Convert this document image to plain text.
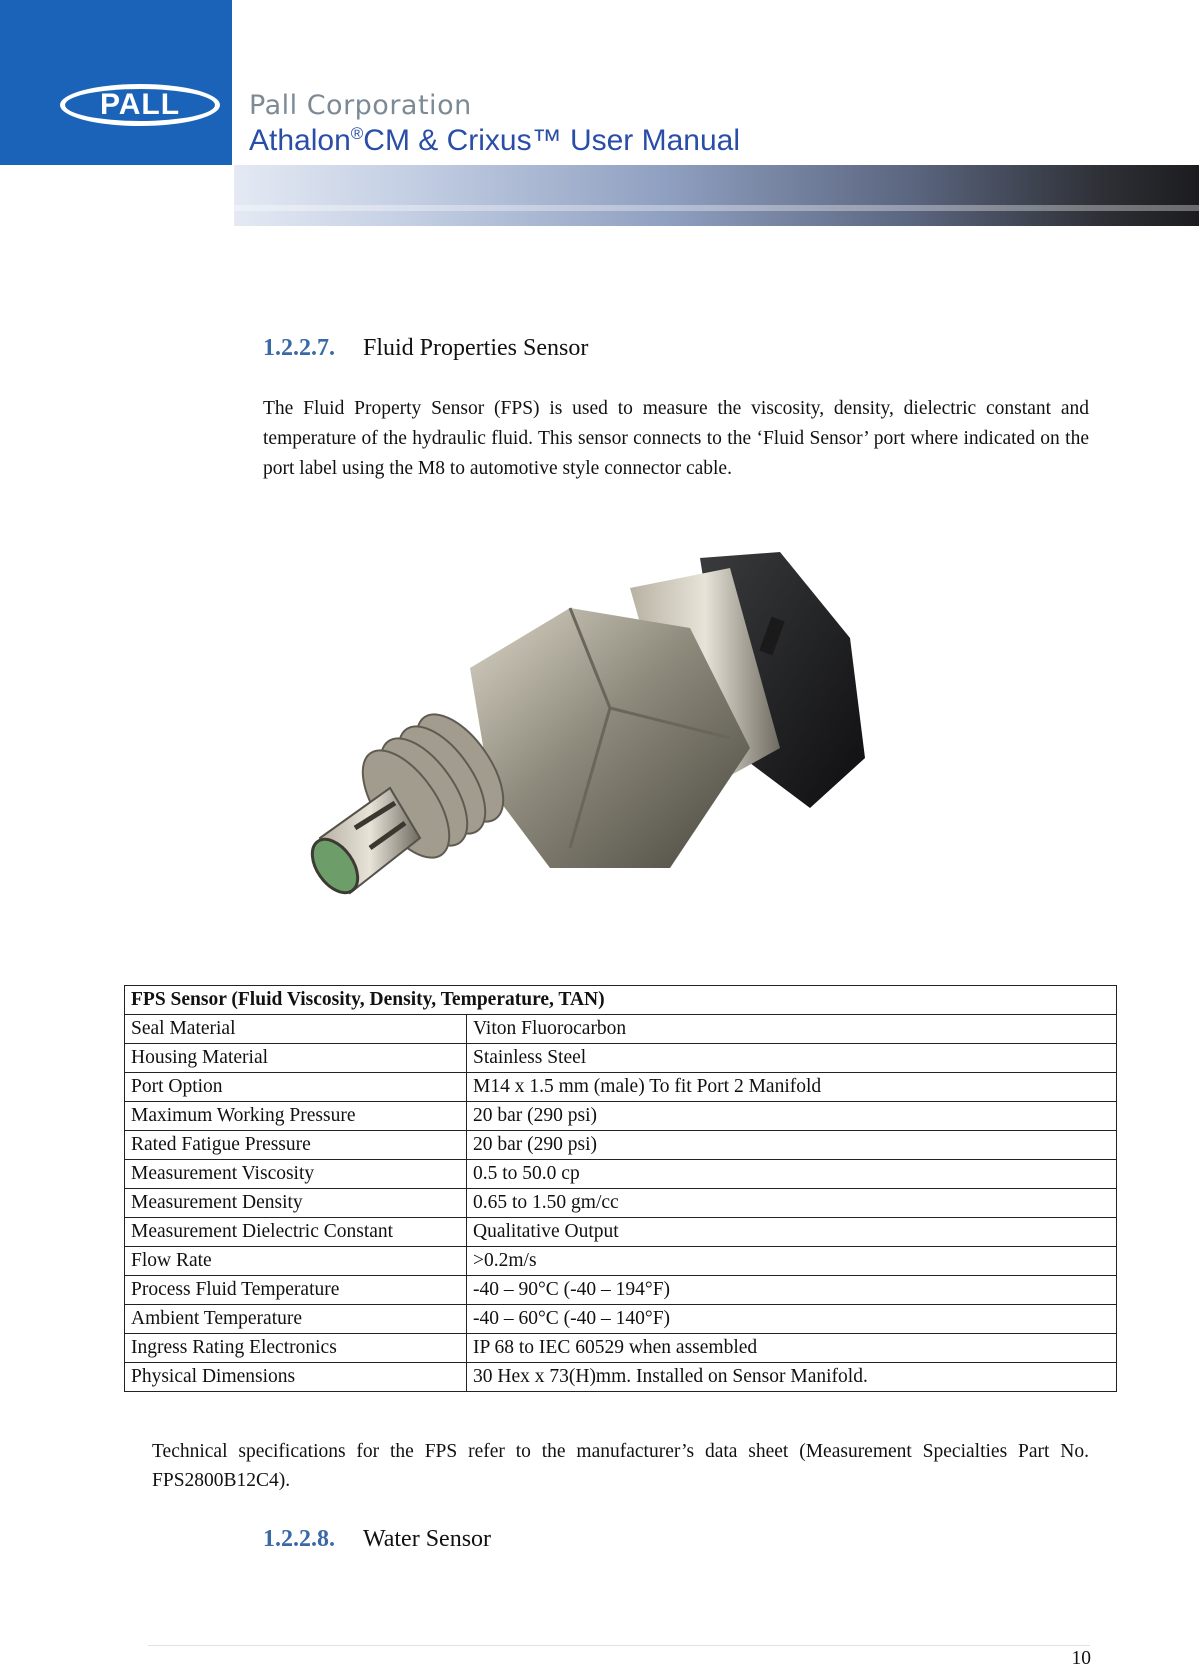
PALL	Pall Corporation
Athalon®CM & Crixus™ User Manual
1.2.2.7. Fluid Properties Sensor
The Fluid Property Sensor (FPS) is used to measure the viscosity, density, dielectric constant and temperature of the hydraulic fluid. This sensor connects to the ‘Fluid Sensor’ port where indicated on the port label using the M8 to automotive style connector cable.
FPS Sensor (Fluid Viscosity, Density, Temperature, TAN)	
Seal Material	Viton Fluorocarbon
Housing Material	Stainless Steel
Port Option	M14 x 1.5 mm (male) To fit Port 2 Manifold
Maximum Working Pressure	20 bar (290 psi)
Rated Fatigue Pressure	20 bar (290 psi)
Measurement Viscosity	0.5 to 50.0 cp
Measurement Density	0.65 to 1.50 gm/cc
Measurement Dielectric Constant	Qualitative Output
Flow Rate	>0.2m/s
Process Fluid Temperature	-40 – 90°C (-40 – 194°F)
Ambient Temperature	-40 – 60°C (-40 – 140°F)
Ingress Rating Electronics	IP 68 to IEC 60529 when assembled
Physical Dimensions	30 Hex x 73(H)mm. Installed on Sensor Manifold.
Technical specifications for the FPS refer to the manufacturer’s data sheet (Measurement Specialties Part No. FPS2800B12C4).
1.2.2.8. Water Sensor
10
